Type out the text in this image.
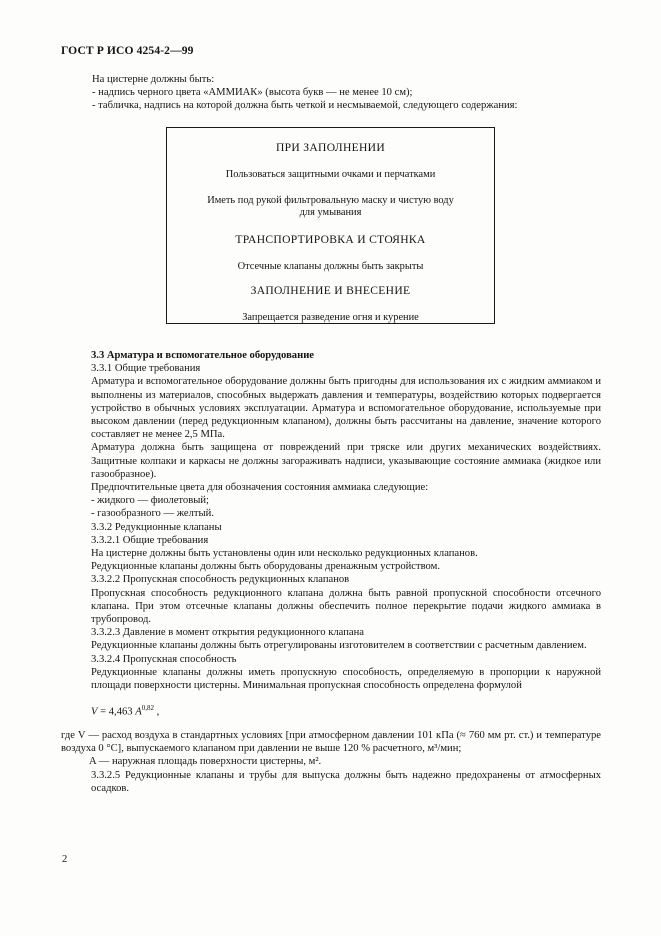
ГОСТ Р ИСО 4254-2—99

На цистерне должны быть:

- надпись черного цвета «АММИАК» (высота букв — не менее 10 см);

- табличка, надпись на которой должна быть четкой и несмываемой, следующего содержания:

ПРИ ЗАПОЛНЕНИИ
Пользоваться защитными очками и перчатками
Иметь под рукой фильтровальную маску и чистую воду
для умывания
ТРАНСПОРТИРОВКА И СТОЯНКА
Отсечные клапаны должны быть закрыты
ЗАПОЛНЕНИЕ И ВНЕСЕНИЕ
Запрещается разведение огня и курение

3.3 Арматура и вспомогательное оборудование

3.3.1 Общие требования

Арматура и вспомогательное оборудование должны быть пригодны для использования их с жидким аммиаком и выполнены из материалов, способных выдержать давления и температуры, воздействию которых подвергается устройство в обычных условиях эксплуатации. Арматура и вспомогательное оборудование, используемые при высоком давлении (перед редукционным клапаном), должны быть рассчитаны на давление, значение которого составляет не менее 2,5 МПа.

Арматура должна быть защищена от повреждений при тряске или других механических воздействиях. Защитные колпаки и каркасы не должны загораживать надписи, указывающие состояние аммиака (жидкое или газообразное).

Предпочтительные цвета для обозначения состояния аммиака следующие:

- жидкого — фиолетовый;

- газообразного — желтый.

3.3.2 Редукционные клапаны

3.3.2.1 Общие требования

На цистерне должны быть установлены один или несколько редукционных клапанов.

Редукционные клапаны должны быть оборудованы дренажным устройством.

3.3.2.2 Пропускная способность редукционных клапанов

Пропускная способность редукционного клапана должна быть равной пропускной способности отсечного клапана. При этом отсечные клапаны должны обеспечить полное перекрытие подачи жидкого аммиака в трубопровод.

3.3.2.3 Давление в момент открытия редукционного клапана

Редукционные клапаны должны быть отрегулированы изготовителем в соответствии с расчетным давлением.

3.3.2.4 Пропускная способность

Редукционные клапаны должны иметь пропускную способность, определяемую в пропорции к наружной площади поверхности цистерны. Минимальная пропускная способность определена формулой

V = 4,463 A$^{0,82}$ ,

где V — расход воздуха в стандартных условиях [при атмосферном давлении 101 кПа (≈ 760 мм рт. ст.) и температуре воздуха 0 °С], выпускаемого клапаном при давлении не выше 120 % расчетного, м³/мин;

A — наружная площадь поверхности цистерны, м².

3.3.2.5 Редукционные клапаны и трубы для выпуска должны быть надежно предохранены от атмосферных осадков.

2
